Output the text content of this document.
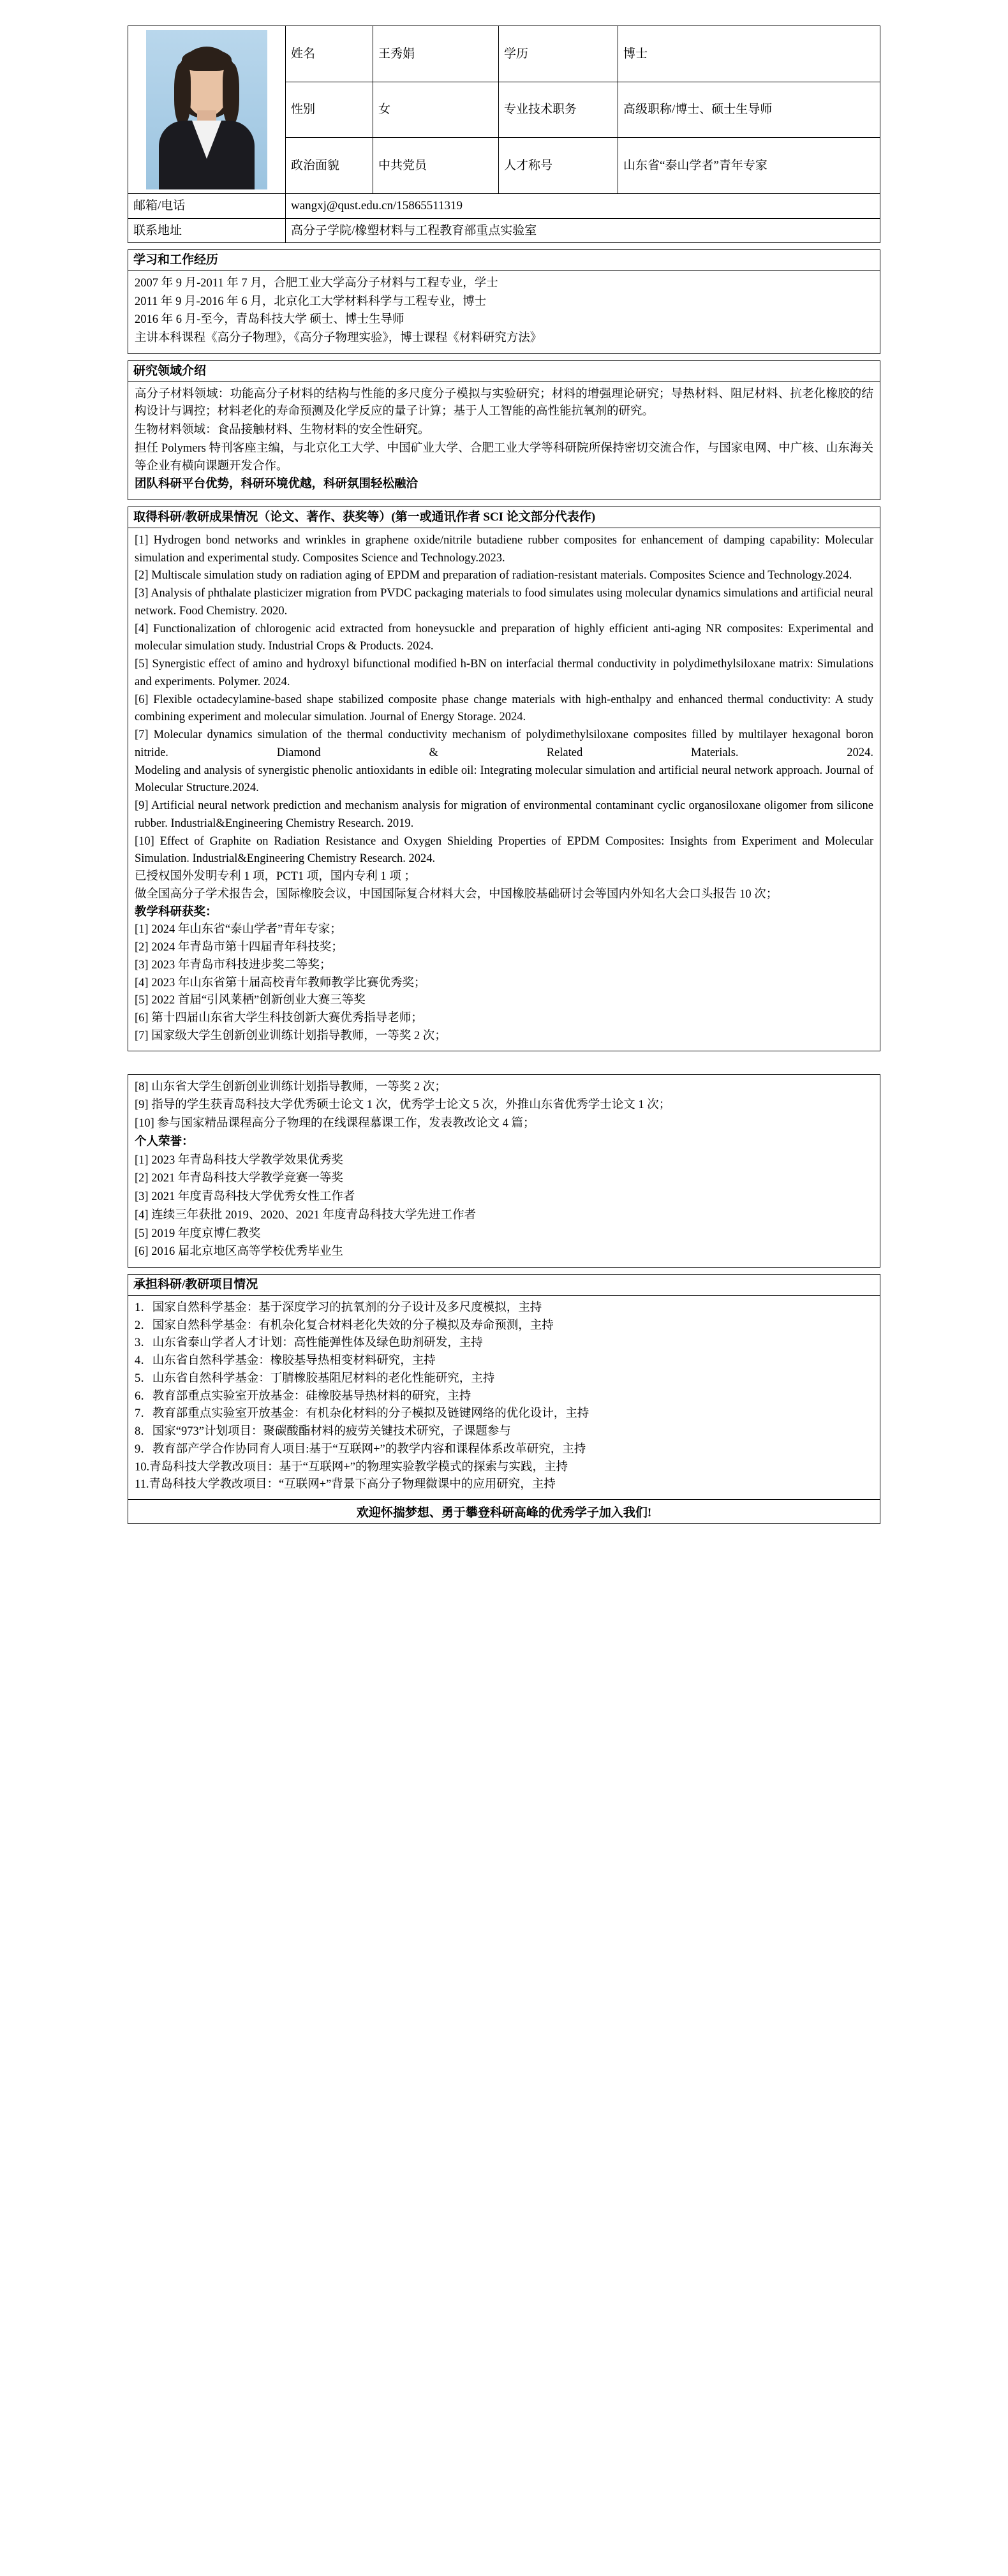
	姓名	王秀娟	学历	博士
	性别	女	专业技术职务	高级职称/博士、硕士生导师
	政治面貌	中共党员	人才称号	山东省“泰山学者”青年专家
邮箱/电话	wangxj@qust.edu.cn/15865511319			
联系地址	高分子学院/橡塑材料与工程教育部重点实验室			
学习和工作经历

2007 年 9 月-2011 年 7 月，合肥工业大学高分子材料与工程专业，学士

2011 年 9 月-2016 年 6 月，北京化工大学材料科学与工程专业，博士

2016 年 6 月-至今，青岛科技大学 硕士、博士生导师

主讲本科课程《高分子物理》，《高分子物理实验》，博士课程《材料研究方法》

研究领域介绍

高分子材料领域：功能高分子材料的结构与性能的多尺度分子模拟与实验研究；材料的增强理论研究；导热材料、阻尼材料、抗老化橡胶的结构设计与调控；材料老化的寿命预测及化学反应的量子计算；基于人工智能的高性能抗氧剂的研究。

生物材料领域：食品接触材料、生物材料的安全性研究。

担任 Polymers 特刊客座主编，与北京化工大学、中国矿业大学、合肥工业大学等科研院所保持密切交流合作，与国家电网、中广核、山东海关等企业有横向课题开发合作。

团队科研平台优势，科研环境优越，科研氛围轻松融洽

取得科研/教研成果情况（论文、著作、获奖等）(第一或通讯作者 SCI 论文部分代表作)

[1] Hydrogen bond networks and wrinkles in graphene oxide/nitrile butadiene rubber composites for enhancement of damping capability: Molecular simulation and experimental study. Composites Science and Technology.2023.

[2] Multiscale simulation study on radiation aging of EPDM and preparation of radiation-resistant materials. Composites Science and Technology.2024.

[3] Analysis of phthalate plasticizer migration from PVDC packaging materials to food simulates using molecular dynamics simulations and artificial neural network. Food Chemistry. 2020.

[4] Functionalization of chlorogenic acid extracted from honeysuckle and preparation of highly efficient anti-aging NR composites: Experimental and molecular simulation study. Industrial Crops & Products. 2024.

[5] Synergistic effect of amino and hydroxyl bifunctional modified h-BN on interfacial thermal conductivity in polydimethylsiloxane matrix: Simulations and experiments. Polymer. 2024.

[6] Flexible octadecylamine-based shape stabilized composite phase change materials with high-enthalpy and enhanced thermal conductivity: A study combining experiment and molecular simulation. Journal of Energy Storage. 2024.

[7] Molecular dynamics simulation of the thermal conductivity mechanism of polydimethylsiloxane composites filled by multilayer hexagonal boron nitride. Diamond & Related Materials. 2024.

Modeling and analysis of synergistic phenolic antioxidants in edible oil: Integrating molecular simulation and artificial neural network approach. Journal of Molecular Structure.2024.

[9] Artificial neural network prediction and mechanism analysis for migration of environmental contaminant cyclic organosiloxane oligomer from silicone rubber. Industrial&Engineering Chemistry Research. 2019.

[10] Effect of Graphite on Radiation Resistance and Oxygen Shielding Properties of EPDM Composites: Insights from Experiment and Molecular Simulation. Industrial&Engineering Chemistry Research. 2024.

已授权国外发明专利 1 项，PCT1 项，国内专利 1 项 ；

做全国高分子学术报告会，国际橡胶会议，中国国际复合材料大会，中国橡胶基础研讨会等国内外知名大会口头报告 10 次；

教学科研获奖：

[1] 2024 年山东省“泰山学者”青年专家；

[2] 2024 年青岛市第十四届青年科技奖；

[3] 2023 年青岛市科技进步奖二等奖；

[4] 2023 年山东省第十届高校青年教师教学比赛优秀奖；

[5] 2022 首届“引风莱栖”创新创业大赛三等奖

[6] 第十四届山东省大学生科技创新大赛优秀指导老师；

[7] 国家级大学生创新创业训练计划指导教师，一等奖 2 次；

[8] 山东省大学生创新创业训练计划指导教师，一等奖 2 次；

[9] 指导的学生获青岛科技大学优秀硕士论文 1 次，优秀学士论文 5 次，外推山东省优秀学士论文 1 次；

[10] 参与国家精品课程高分子物理的在线课程慕课工作，发表教改论文 4 篇；

个人荣誉：

[1] 2023 年青岛科技大学教学效果优秀奖

[2] 2021 年青岛科技大学教学竞赛一等奖

[3] 2021 年度青岛科技大学优秀女性工作者

[4] 连续三年获批 2019、2020、2021 年度青岛科技大学先进工作者

[5] 2019 年度京博仁教奖

[6] 2016 届北京地区高等学校优秀毕业生

承担科研/教研项目情况

1．国家自然科学基金：基于深度学习的抗氧剂的分子设计及多尺度模拟，主持

2．国家自然科学基金：有机杂化复合材料老化失效的分子模拟及寿命预测，主持

3．山东省泰山学者人才计划：高性能弹性体及绿色助剂研发，主持

4．山东省自然科学基金：橡胶基导热相变材料研究，主持

5．山东省自然科学基金：丁腈橡胶基阻尼材料的老化性能研究，主持

6．教育部重点实验室开放基金：硅橡胶基导热材料的研究，主持

7．教育部重点实验室开放基金：有机杂化材料的分子模拟及链键网络的优化设计，主持

8．国家“973”计划项目：聚碳酸酯材料的疲劳关键技术研究，子课题参与

9．教育部产学合作协同育人项目:基于“互联网+”的教学内容和课程体系改革研究，主持

10.青岛科技大学教改项目：基于“互联网+”的物理实验教学模式的探索与实践，主持

11.青岛科技大学教改项目：“互联网+”背景下高分子物理微课中的应用研究，主持

欢迎怀揣梦想、勇于攀登科研高峰的优秀学子加入我们!
